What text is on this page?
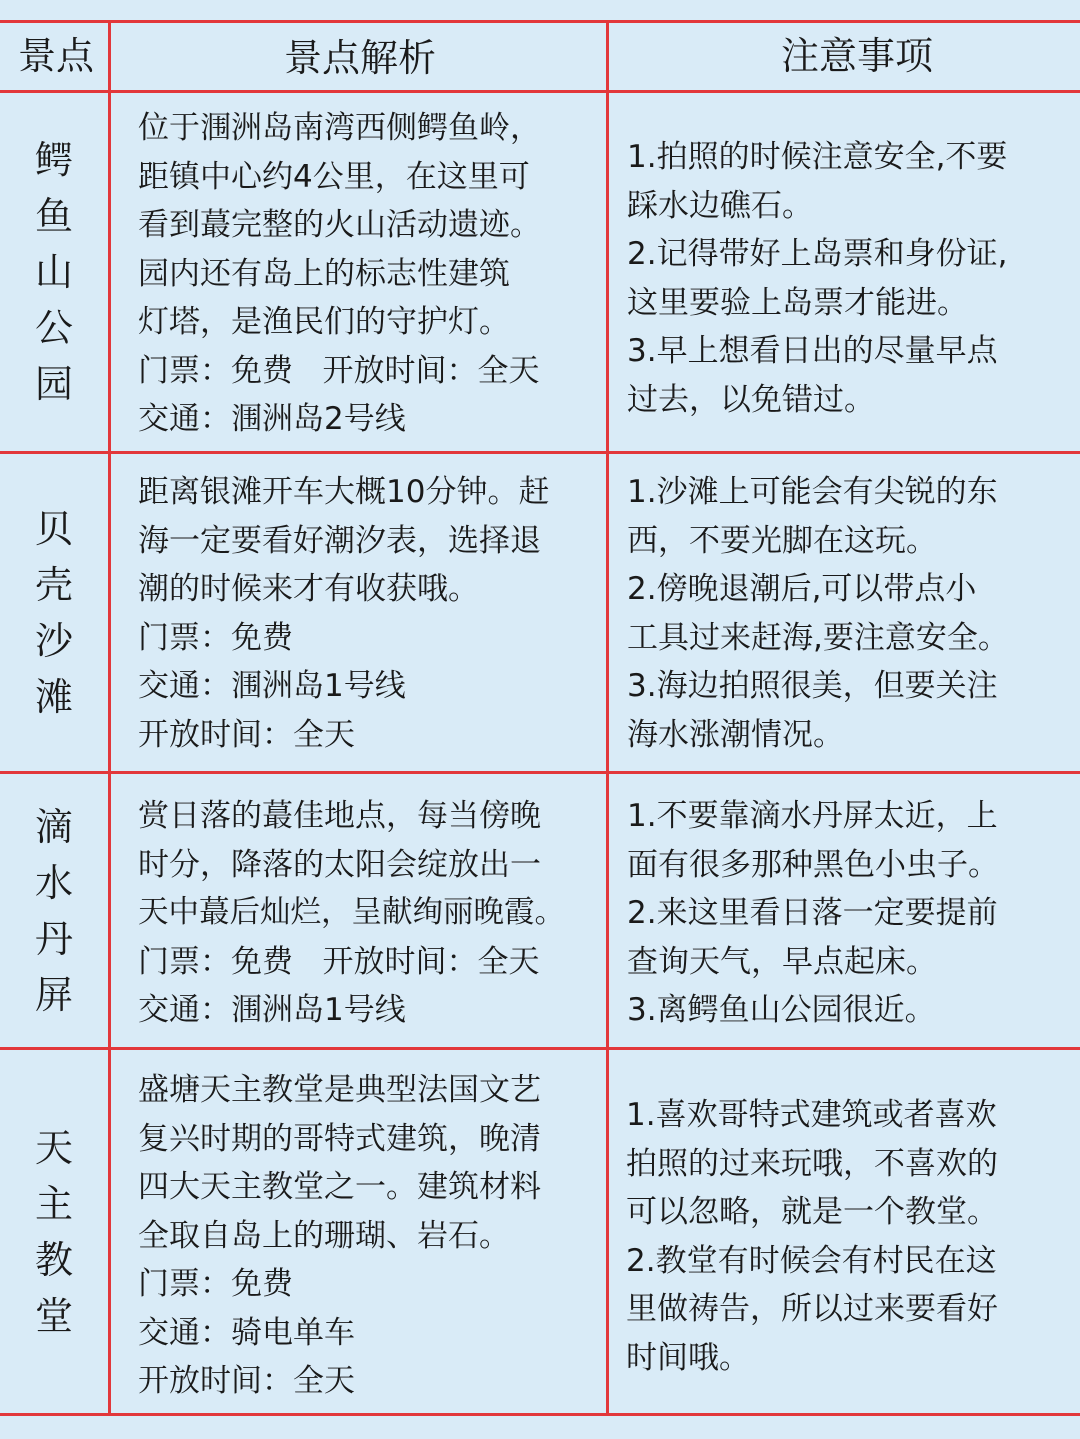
景点	景点解析	注意事项
鳄
鱼
山
公
园
位于涠洲岛南湾西侧鳄鱼岭，
距镇中心约4公里，在这里可
看到蕞完整的火山活动遗迹。
园内还有岛上的标志性建筑
灯塔，是渔民们的守护灯。
门票：免费   开放时间：全天
交通：涠洲岛2号线
1.拍照的时候注意安全,不要
踩水边礁石。
2.记得带好上岛票和身份证,
这里要验上岛票才能进。
3.早上想看日出的尽量早点
过去，以免错过。
贝
壳
沙
滩
距离银滩开车大概10分钟。赶
海一定要看好潮汐表，选择退
潮的时候来才有收获哦。
门票：免费
交通：涠洲岛1号线
开放时间：全天
1.沙滩上可能会有尖锐的东
西，不要光脚在这玩。
2.傍晚退潮后,可以带点小
工具过来赶海,要注意安全。
3.海边拍照很美，但要关注
海水涨潮情况。
滴
水
丹
屏
赏日落的蕞佳地点，每当傍晚
时分，降落的太阳会绽放出一
天中蕞后灿烂，呈献绚丽晚霞。
门票：免费   开放时间：全天
交通：涠洲岛1号线
1.不要靠滴水丹屏太近，上
面有很多那种黑色小虫子。
2.来这里看日落一定要提前
查询天气，早点起床。
3.离鳄鱼山公园很近。
天
主
教
堂
盛塘天主教堂是典型法国文艺
复兴时期的哥特式建筑，晚清
四大天主教堂之一。建筑材料
全取自岛上的珊瑚、岩石。
门票：免费
交通：骑电单车
开放时间：全天
1.喜欢哥特式建筑或者喜欢
拍照的过来玩哦，不喜欢的
可以忽略，就是一个教堂。
2.教堂有时候会有村民在这
里做祷告，所以过来要看好
时间哦。
